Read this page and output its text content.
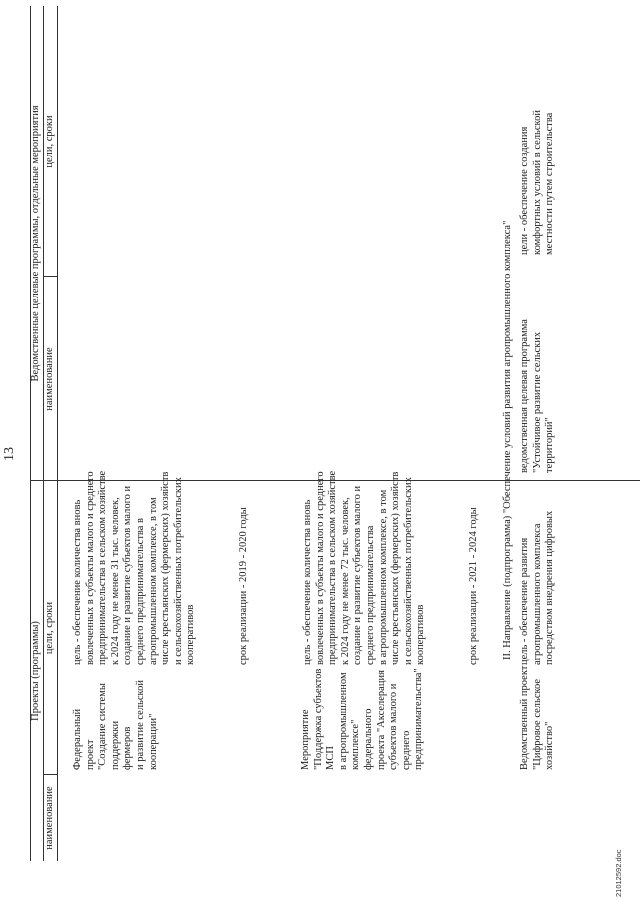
13
Проекты (программы)
Ведомственные целевые программы, отдельные мероприятия
наименование
цели, сроки
наименование
цели, сроки
Федеральный проект
"Создание системы
поддержки фермеров
и развитие сельской
кооперации"
цель - обеспечение количества вновь
вовлеченных в субъекты малого и среднего
предпринимательства в сельском хозяйстве
к 2024 году не менее 31 тыс. человек,
создание и развитие субъектов малого и
среднего предпринимательства в
агропромышленном комплексе, в том
числе крестьянских (фермерских) хозяйств
и сельскохозяйственных потребительских
кооперативов	срок реализации - 2019 - 2020 годы
Мероприятие
"Поддержка субъектов МСП
в агропромышленном
комплексе" федерального
проекта "Акселерация
субъектов малого и среднего
предпринимательства"
цель - обеспечение количества вновь
вовлеченных в субъекты малого и среднего
предпринимательства в сельском хозяйстве
к 2024 году не менее 72 тыс. человек,
создание и развитие субъектов малого и
среднего предпринимательства
в агропромышленном комплексе, в том
числе крестьянских (фермерских) хозяйств
и сельскохозяйственных потребительских
кооперативов	срок реализации - 2021 - 2024 годы II. Направление (подпрограмма) "Обеспечение условий развития агропромышленного комплекса"
Ведомственный проект
"Цифровое сельское
хозяйство"
цель - обеспечение развития
агропромышленного комплекса
посредством внедрения цифровых
ведомственная целевая программа
"Устойчивое развитие сельских
территорий"
цели - обеспечение создания
комфортных условий в сельской
местности путем строительства
21012592.doc
